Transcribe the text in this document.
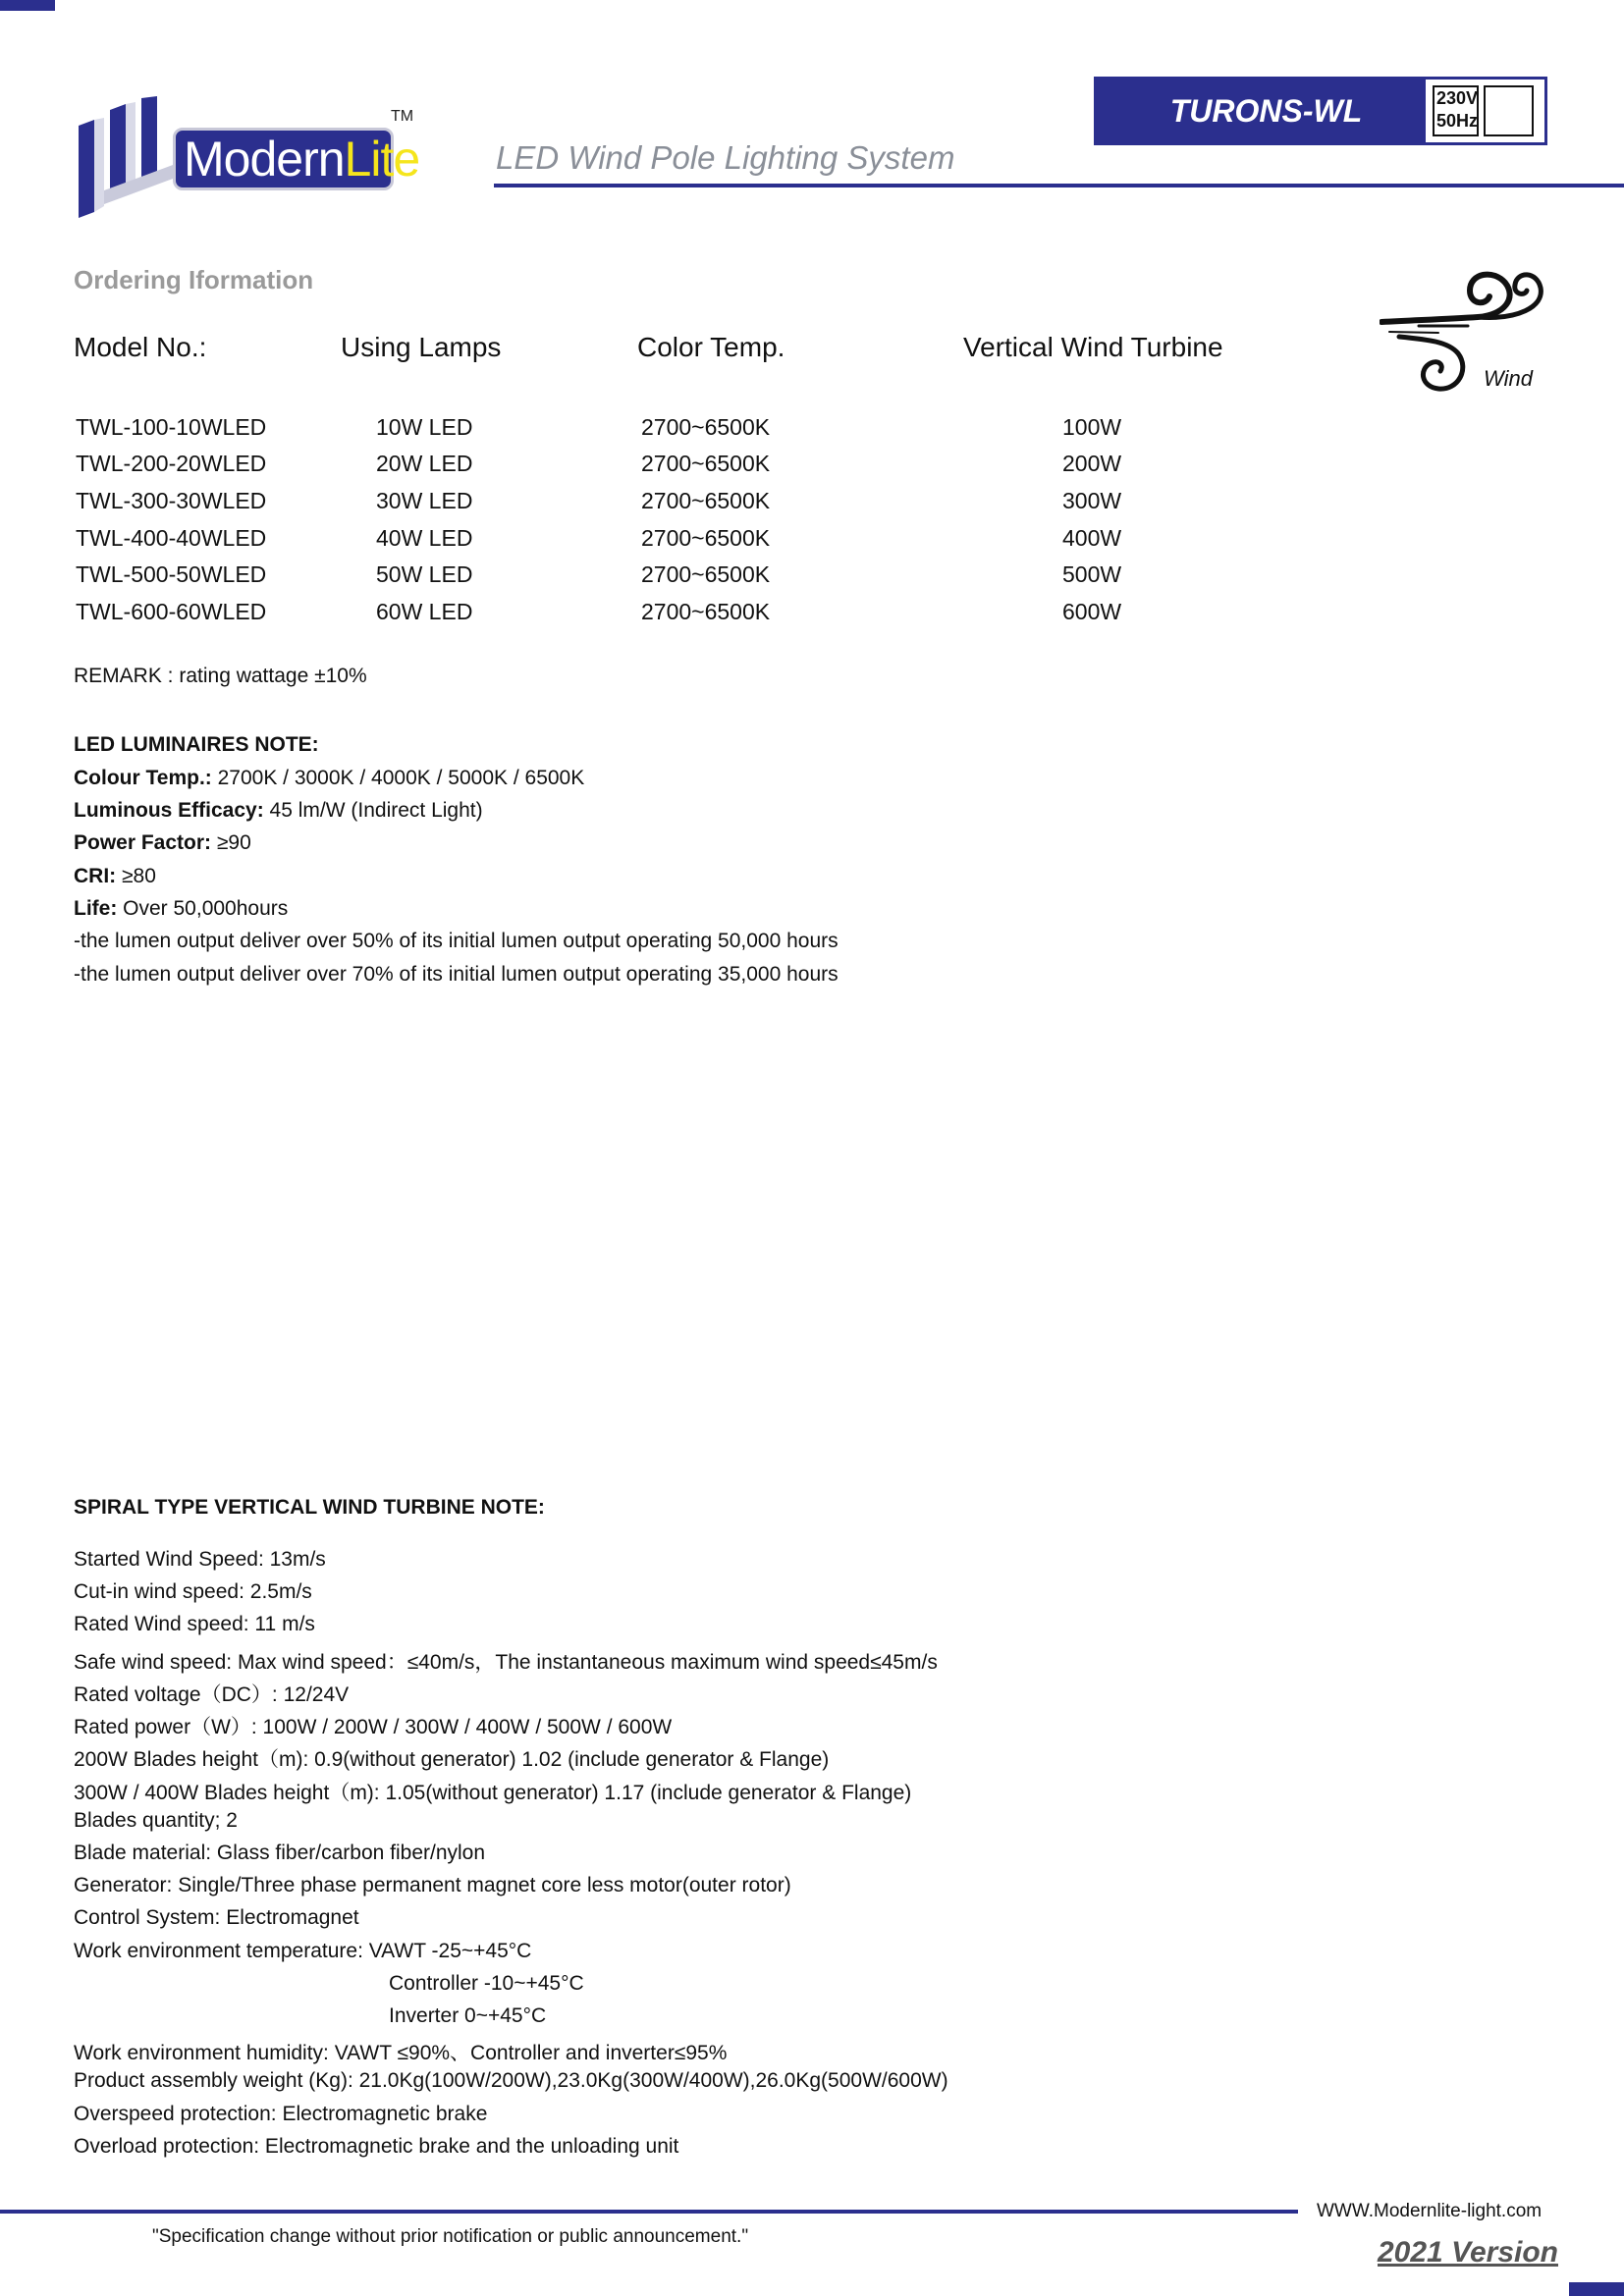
ModernLite
TM	TURONS-WL	230V
50Hz
LED Wind Pole Lighting System
Ordering Iformation
Wind
Model No.:	Using Lamps	Color Temp.	Vertical Wind Turbine
TWL-100-10WLED	10W LED	2700~6500K	100W
TWL-200-20WLED	20W LED	2700~6500K	200W
TWL-300-30WLED	30W LED	2700~6500K	300W
TWL-400-40WLED	40W LED	2700~6500K	400W
TWL-500-50WLED	50W LED	2700~6500K	500W
TWL-600-60WLED	60W LED	2700~6500K	600W
REMARK : rating wattage ±10%
LED LUMINAIRES NOTE:
Colour Temp.: 2700K / 3000K / 4000K / 5000K / 6500K
Luminous Efficacy: 45 lm/W (Indirect Light)
Power Factor: ≥90
CRI: ≥80
Life: Over 50,000hours
-the lumen output deliver over 50% of its initial lumen output operating 50,000 hours
-the lumen output deliver over 70% of its initial lumen output operating 35,000 hours
SPIRAL TYPE VERTICAL WIND TURBINE NOTE:
Started Wind Speed: 13m/s
Cut-in wind speed: 2.5m/s
Rated Wind speed: 11 m/s
Safe wind speed: Max wind speed：≤40m/s，The instantaneous maximum wind speed≤45m/s
Rated voltage（DC）: 12/24V
Rated power（W）: 100W / 200W / 300W / 400W / 500W / 600W
200W Blades height（m): 0.9(without generator) 1.02 (include generator & Flange)
300W / 400W Blades height（m): 1.05(without generator) 1.17 (include generator & Flange)
Blades quantity; 2
Blade material: Glass fiber/carbon fiber/nylon
Generator: Single/Three phase permanent magnet core less motor(outer rotor)
Control System: Electromagnet
Work environment temperature: VAWT -25~+45°C
Controller -10~+45°C
Inverter 0~+45°C
Work environment humidity: VAWT ≤90%、Controller and inverter≤95%
Product assembly weight (Kg): 21.0Kg(100W/200W),23.0Kg(300W/400W),26.0Kg(500W/600W)
Overspeed protection: Electromagnetic brake
Overload protection: Electromagnetic brake and the unloading unit
WWW.Modernlite-light.com
"Specification change without prior notification or public announcement."	2021 Version
